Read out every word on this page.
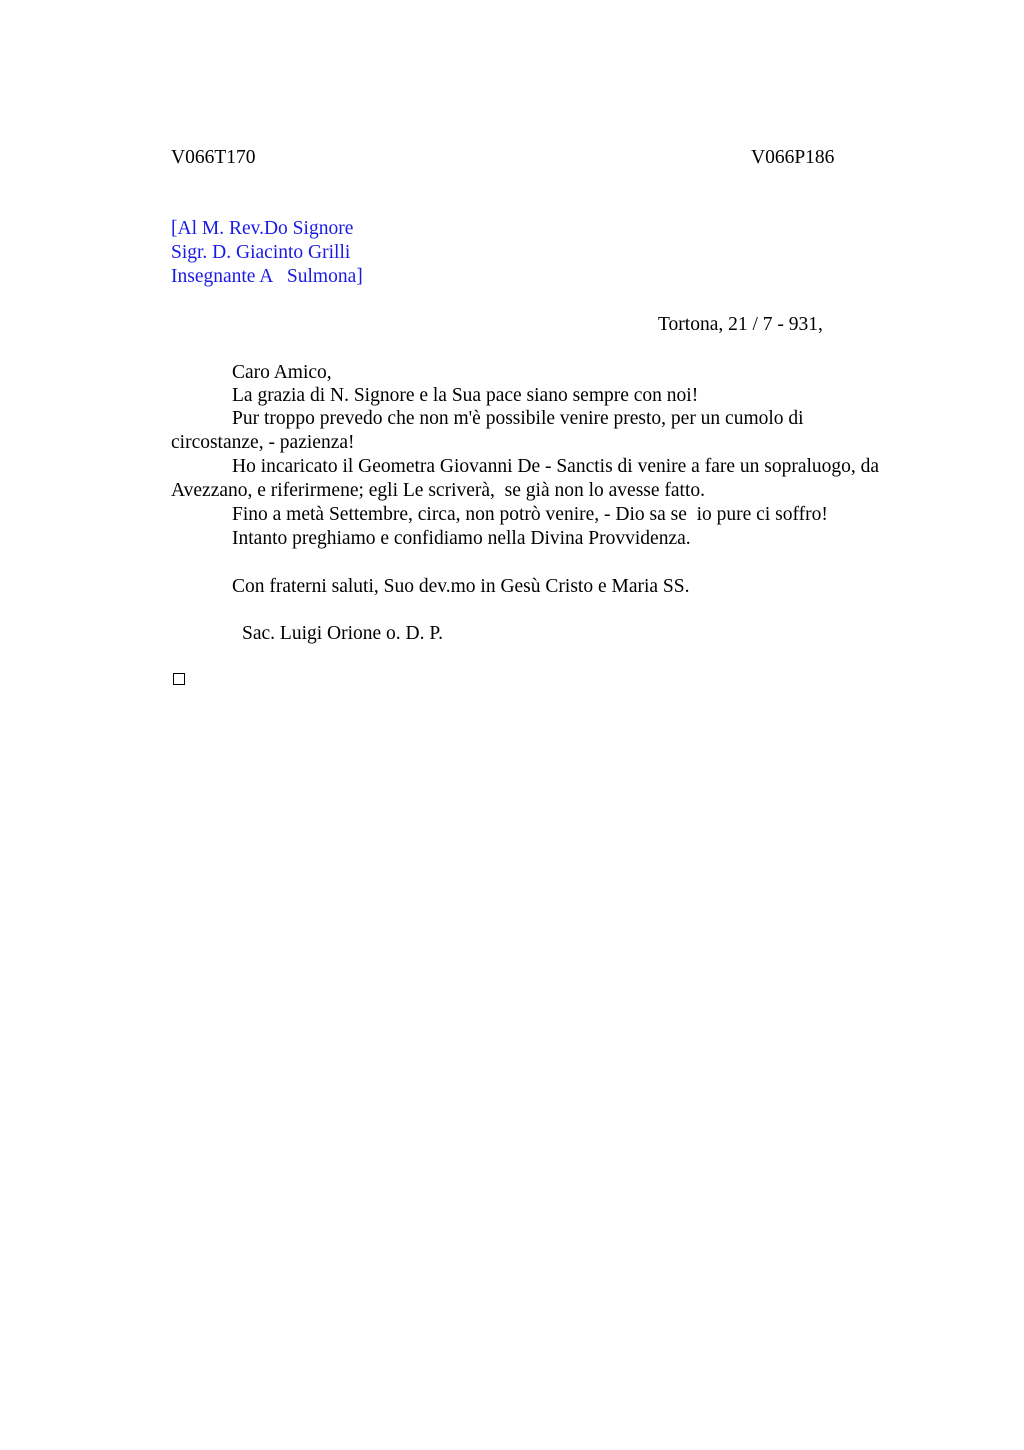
V066T170	V066P186
[Al M. Rev.Do Signore
Sigr. D. Giacinto Grilli
Insegnante A   Sulmona]
Tortona, 21 / 7 - 931,
Caro Amico,
La grazia di N. Signore e la Sua pace siano sempre con noi!
Pur troppo prevedo che non m'è possibile venire presto, per un cumolo di
circostanze, - pazienza!
Ho incaricato il Geometra Giovanni De - Sanctis di venire a fare un sopraluogo, da
Avezzano, e riferirmene; egli Le scriverà,  se già non lo avesse fatto.
Fino a metà Settembre, circa, non potrò venire, - Dio sa se  io pure ci soffro!
Intanto preghiamo e confidiamo nella Divina Provvidenza.
Con fraterni saluti, Suo dev.mo in Gesù Cristo e Maria SS.
Sac. Luigi Orione o. D. P.
